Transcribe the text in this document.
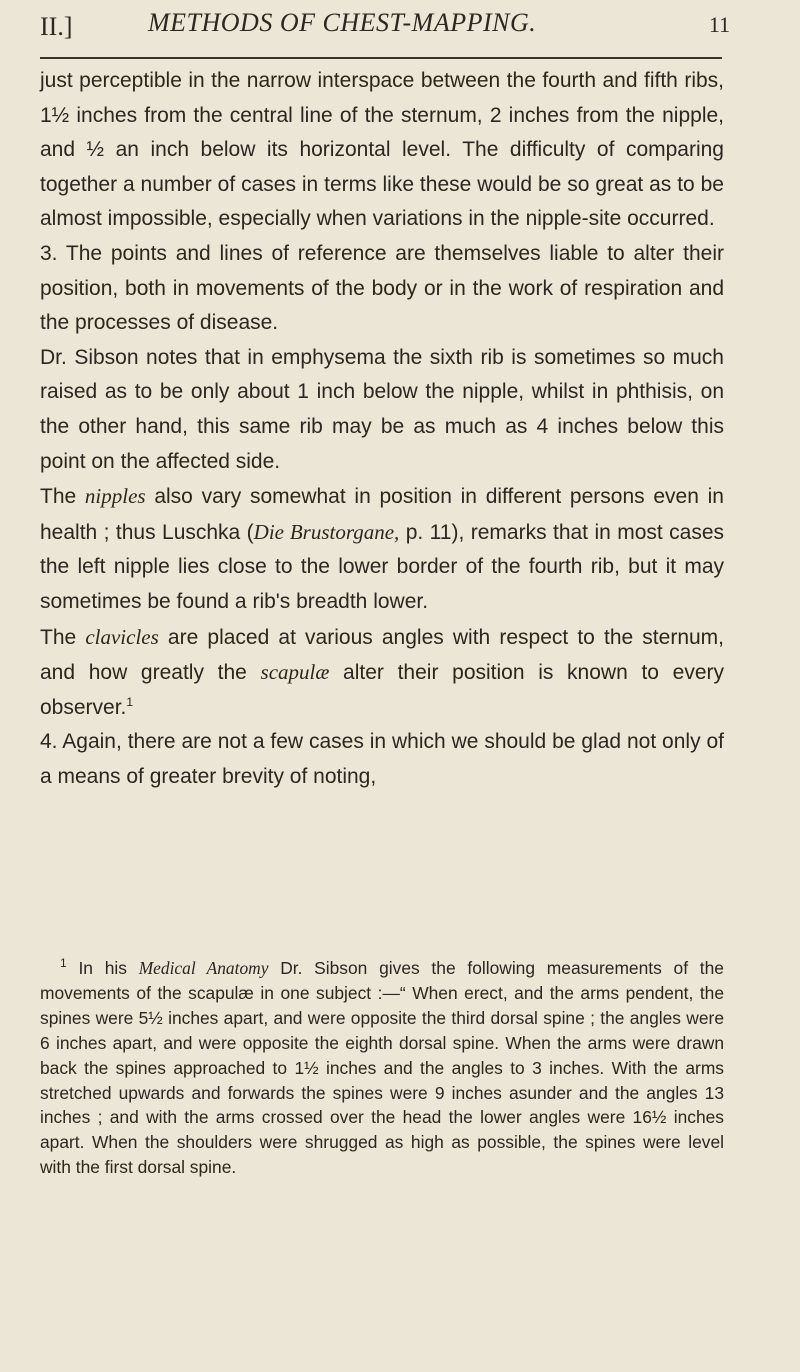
II.]	METHODS OF CHEST-MAPPING.	11

just perceptible in the narrow interspace between the fourth and fifth ribs, 1½ inches from the central line of the sternum, 2 inches from the nipple, and ½ an inch below its horizontal level. The difficulty of comparing together a number of cases in terms like these would be so great as to be almost impossible, especially when variations in the nipple-site occurred.

3. The points and lines of reference are themselves liable to alter their position, both in movements of the body or in the work of respiration and the processes of disease.

Dr. Sibson notes that in emphysema the sixth rib is sometimes so much raised as to be only about 1 inch below the nipple, whilst in phthisis, on the other hand, this same rib may be as much as 4 inches below this point on the affected side.

The nipples also vary somewhat in position in different persons even in health ; thus Luschka (Die Brustorgane, p. 11), remarks that in most cases the left nipple lies close to the lower border of the fourth rib, but it may sometimes be found a rib's breadth lower.

The clavicles are placed at various angles with respect to the sternum, and how greatly the scapulæ alter their position is known to every observer.$^1$

4. Again, there are not a few cases in which we should be glad not only of a means of greater brevity of noting,

$^1$ In his Medical Anatomy Dr. Sibson gives the following measurements of the movements of the scapulæ in one subject :—“ When erect, and the arms pendent, the spines were 5½ inches apart, and were opposite the third dorsal spine ; the angles were 6 inches apart, and were opposite the eighth dorsal spine. When the arms were drawn back the spines approached to 1½ inches and the angles to 3 inches. With the arms stretched upwards and forwards the spines were 9 inches asunder and the angles 13 inches ; and with the arms crossed over the head the lower angles were 16½ inches apart. When the shoulders were shrugged as high as possible, the spines were level with the first dorsal spine.
